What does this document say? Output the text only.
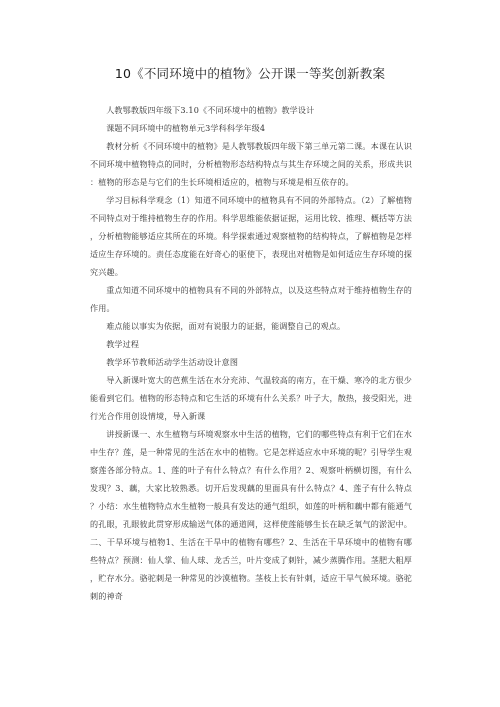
10《不同环境中的植物》公开课一等奖创新教案

人教鄂教版四年级下3.10《不同环境中的植物》教学设计

课题不同环境中的植物单元3学科科学年级4

教材分析《不同环境中的植物》是人教鄂教版四年级下第三单元第二课。本课在认识不同环境中植物特点的同时，分析植物形态结构特点与其生存环境之间的关系，形成共识：植物的形态是与它们的生长环境相适应的，植物与环境是相互依存的。

学习目标科学观念（1）知道不同环境中的植物具有不同的外部特点。（2）了解植物不同特点对于维持植物生存的作用。科学思维能依据证据，运用比较、推理、概括等方法，分析植物能够适应其所在的环境。科学探索通过观察植物的结构特点，了解植物是怎样适应生存环境的。责任态度能在好奇心的驱使下，表现出对植物是如何适应生存环境的探究兴趣。

重点知道不同环境中的植物具有不同的外部特点，以及这些特点对于维持植物生存的作用。

难点能以事实为依据，面对有说服力的证据，能调整自己的观点。

教学过程

教学环节教师活动学生活动设计意图

导入新课叶宽大的芭蕉生活在水分充沛、气温较高的南方，在干燥、寒冷的北方很少能看到它们。植物的形态特点和它生活的环境有什么关系？叶子大，散热，接受阳光，进行光合作用创设情境，导入新课

讲授新课一、水生植物与环境观察水中生活的植物，它们的哪些特点有利于它们在水中生存？莲，是一种常见的生活在水中的植物。它是怎样适应水中环境的呢？引导学生观察莲各部分特点。1、莲的叶子有什么特点？有什么作用？2、观察叶柄横切图，有什么发现？3、藕，大家比较熟悉。切开后发现藕的里面具有什么特点？4、莲子有什么特点？小结：水生植物特点水生植物一般具有发达的通气组织，如莲的叶柄和藕中都有能通气的孔眼，孔眼彼此贯穿形成输送气体的通道网，这样使莲能够生长在缺乏氧气的淤泥中。二、干旱环境与植物1、生活在干旱中的植物有哪些？2、生活在干旱环境中的植物有哪些特点？预测：仙人掌、仙人球、龙舌兰，叶片变成了刺针，减少蒸腾作用。茎肥大粗厚，贮存水分。骆驼刺是一种常见的沙漠植物。茎枝上长有针刺，适应干旱气候环境。骆驼刺的神奇
